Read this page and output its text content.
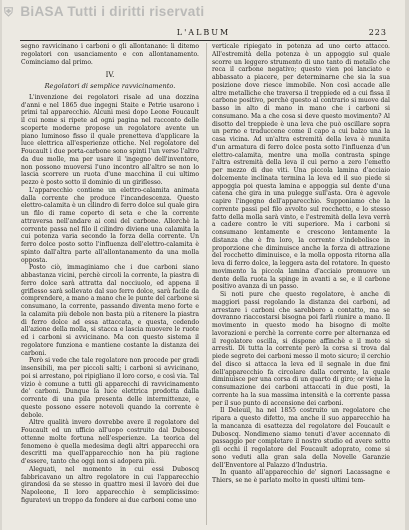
⛨ BiASA Tutti i diritti riservati
L'ALBUM	223

segno ravvicinano i carboni o gli allontanano: li ditemo regolatori con usanciamento e con allontanamento. Cominciamo dal primo.

IV.
Regolatori di semplice ravvicinamento.

L'invenzione dei regolatori risale ad una dozzina d'anni e nel 1865 due ingegni Staite e Petrie usarono i primi tal apparecchio. Alcuni mesi dopo Leone Foucault il cui nome si ripete ad ogni pagina nel racconto delle scoperte moderne propose un regolatore avente un piano luminoso fisso il quale prenetteva d'applicare la luce elettrica all'esperienze ottiche. Nel regolatore del Foucault i due porta-carbone sono spinti l'un verso l'altro da due molle, ma per usare il 'ingegno dell'inventore, non possono muoversi l'uno incontro all'altro se non lo lascia scorrere un ruota d'une macchina il cui ultimo pezzo è posto sotto il dominio di un giriflesso.

L'apparecchio contiene un elettro-calamita animata dalla corrente che produce l'incandescenza. Questo elettro-calamita è un cilindro di ferro dolce sul quale gira un filo di rame coperto di seta e che la corrente attraversa nell'andare ai coni del carbone. Allorchè la corrente passa nel filo il cilindro diviene una calamita la cui potenza varia secondo la forza della corrente. Un ferro dolce posto sotto l'influenza dell'elettro-calamita è spinto dall'altra parte all'allontanamento da una molla opposta.

Posto ciò, immaginiamo che i due carboni siano abbastanza vicini, perchè circoli la corrente, la piastra di ferro dolce sarà attratta dal nocciuolo, ed appena il griflesso sarà sollevato dal suo ferro dolce, sarà facile da comprendere, a mano a mano che le punte del carbone si consumano, la corrente, passando diventa meno forte e la calamita più debole non basta più a ritenere la piastra di ferro dolce ad essa attaccata, e questa, cedendo all'azione della molla, si stacca e lascia muovere le ruote ed i carboni si avvicinano. Ma con questo sistema il regolatore funziona e mantiene costante la distanza dei carboni.

Però si vede che tale regolatore non procede per gradi insensibili, ma per piccoli salti; i carboni si avvicinano, poi si arrestano, poi ripigliano il loro corso, e così via. Tal vizio è comune a tutti gli apparecchi di ravvicinamento de' carboni. Dunque la luce elettrica prodotta dalla corrente di una pila presenta delle intermittenze, e queste possono essere notevoli quando la corrente è debole.

Altre qualità invero dovrebbe avere il regolatore del Foucault ed un ufficio all'uopo costruito dal Duboscq ottenne molte fortuna nell'esperienze. La teorica del fenomeno è quella medesima degli altri apparecchi ora descritti ma quell'apparecchio non ha più ragione d'essere, tanto che oggi non si adopera più.

Aleguati, nel momento in cui essi Duboscq fabbricavano un altro regolatore in cui l'apparecchio girandosi da se stesso in quattro mesi il lavoro dei due Napoleone, Il loro apparecchio è semplicissimo: figuratevi un troppo da fondere ai due carboni come uno

verticale ripiegato in potenza ad uno certo attacco. All'estremità della potenza è un appoggio sul quale scorre un leggero strumento di uno tanto di metallo che reca il carbone negativo; questo vien poi lanciato e abbassato a piacere, per determinarne che sia la sua posizione dove riesce immobile. Non così accade alle altre metalliche che traversa il treppiede ed a cui fissa il carbone positivo, perchè questo al contrario si muove dal basso in alto di mano in mano che i carboni si consumano. Ma a che cosa si deve questo movimento? Al disotto del treppiede è una leva che può oscillare sopra un perno e traduccene come il capo a cui balzo una la casa vicina. Ad un'altra estremità della leva è munita d'un armatura di ferro dolce posta sotto l'influenza d'un elettro-calamita, mentre una molla contrasta spinge l'altra estremità della leva il cui perno a zero l'emetto per mezzo di due viti. Una piccola lamina d'acciaio dolcemente inclinata termina la leva ed il suo piede si appoggia poi questa lamina e appoggia sul dente d'una catena che gira in una pulegge sull'asta. Ora è agevole capire l'ingegno dell'apparecchio. Supponiamo che la corrente passi pel filo avvolto sul rocchetto, e lo stesso fatto della molla sarà vinto, e l'estremità della leva verrà a cadere contro le viti superiore. Ma i carboni si consumano lentamente e crescono lentamente la distanza che è fra loro, la corrente s'indebolisce in proporzione che diminuisce anche la forza di attrazione del rocchetto diminuisce, e la molla opposta ritorna alla leva di ferro dolce, la leggera asta del rotatore. In questo movimento la piccola lamina d'acciaio promuove un dente della ruota la spinge in avanti a se, e il carbone positivo avanza di un passo.

Si noti pure che questo regolatore, è anche di maggiori passi regolando la distanza dei carboni, ad arrestare i carboni che sarebbero a contatto, ma se dovranno riaccostarsi bisogna poi farli riunire a mano. Il movimento in questo modo ha bisogno di molte lavorazioni e perchè la corrente corre per alternanza ed il regolatore oscilla, si dispone affinchè e il moto si arresti. Di tutta la corrente però la corsa si trova dal piede segreto dei carboni messo il moto sicuro; il cerchio del disco si attacca la leva ed il segnale in due fini dell'apparecchio fa circolare dalla corrente, la quale diminuisce per una corsa di un quarto di giro; or viene la consumazione dei carboni attaccati in due posti, la corrente ha la sua massima intensità e la corrente passa per il suo punto di accensione dei carboni.

Il Deleuil, ha nel 1855 costruito un regolatore che ripara a questo difetto, ma anche il suo apparecchio ha la mancanza di esattezza del regolatore del Foucault e Duboscq. Nondimeno siamo tenuti d'aver accennato di passaggio per completare il nostro studio ed avere sotto gli occhi il regolatore del Foucault adoprato, come si sono veduti alla gran sala della Novelle Garanzie dell'Enventore al Palazzo d'Industria.

In quanto all'apparecchio de' signori Lacassagne e Thiers, se ne è parlato molto in questi ultimi tem-
